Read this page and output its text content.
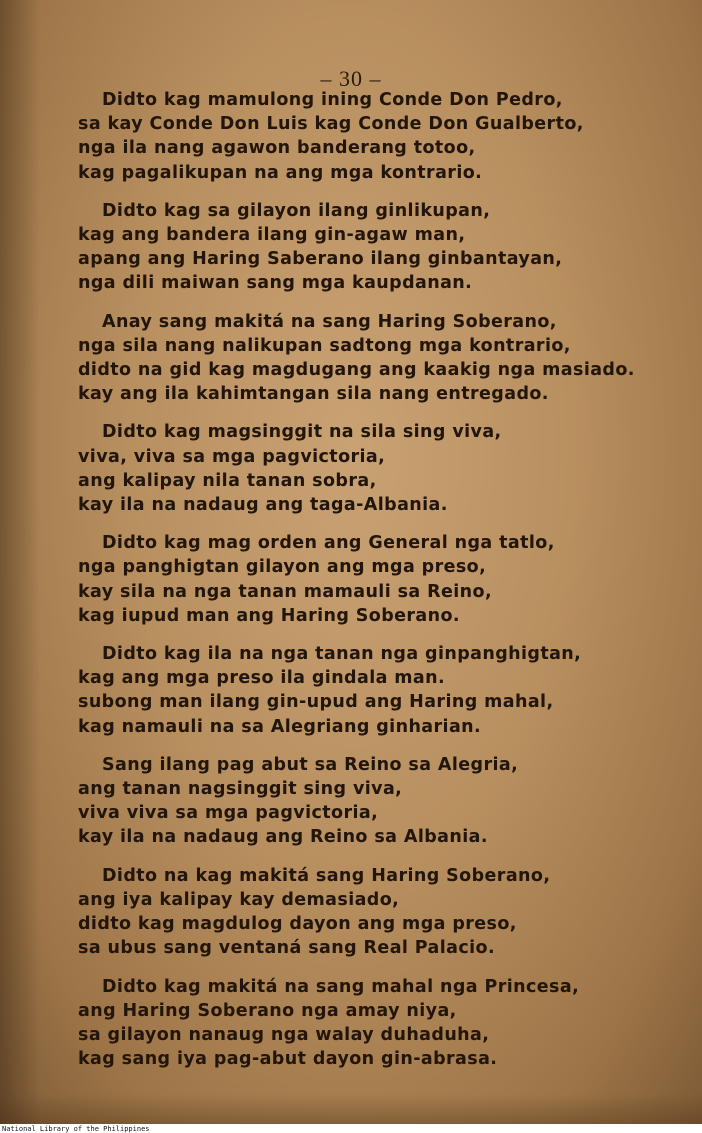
– 30 –
Didto kag mamulong ining Conde Don Pedro,
sa kay Conde Don Luis kag Conde Don Gualberto,
nga ila nang agawon banderang totoo,
kag pagalikupan na ang mga kontrario.
Didto kag sa gilayon ilang ginlikupan,
kag ang bandera ilang gin-agaw man,
apang ang Haring Saberano ilang ginbantayan,
nga dili maiwan sang mga kaupdanan.
Anay sang makitá na sang Haring Soberano,
nga sila nang nalikupan sadtong mga kontrario,
didto na gid kag magdugang ang kaakig nga masiado.
kay ang ila kahimtangan sila nang entregado.
Didto kag magsinggit na sila sing viva,
viva, viva sa mga pagvictoria,
ang kalipay nila tanan sobra,
kay ila na nadaug ang taga-Albania.
Didto kag mag orden ang General nga tatlo,
nga panghigtan gilayon ang mga preso,
kay sila na nga tanan mamauli sa Reino,
kag iupud man ang Haring Soberano.
Didto kag ila na nga tanan nga ginpanghigtan,
kag ang mga preso ila gindala man.
subong man ilang gin-upud ang Haring mahal,
kag namauli na sa Alegriang ginharian.
Sang ilang pag abut sa Reino sa Alegria,
ang tanan nagsinggit sing viva,
viva viva sa mga pagvictoria,
kay ila na nadaug ang Reino sa Albania.
Didto na kag makitá sang Haring Soberano,
ang iya kalipay kay demasiado,
didto kag magdulog dayon ang mga preso,
sa ubus sang ventaná sang Real Palacio.
Didto kag makitá na sang mahal nga Princesa,
ang Haring Soberano nga amay niya,
sa gilayon nanaug nga walay duhaduha,
kag sang iya pag-abut dayon gin-abrasa.
National Library of the Philippines
